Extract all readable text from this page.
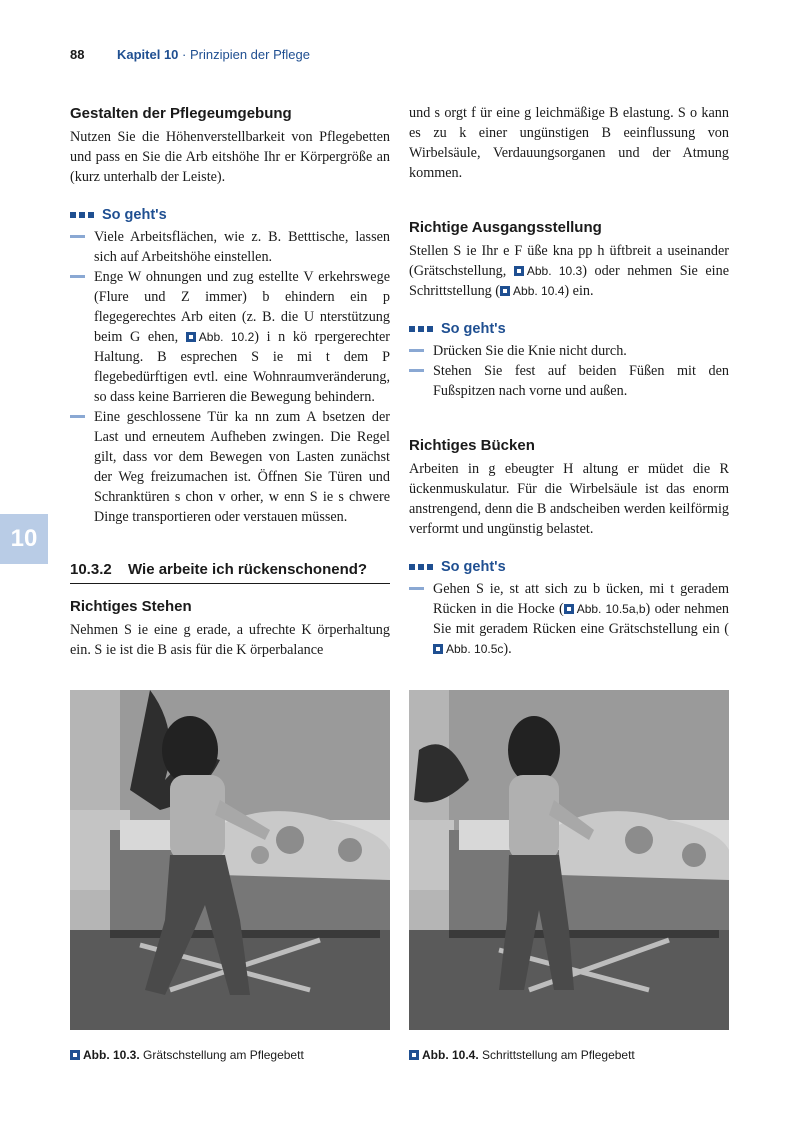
88	Kapitel 10 · Prinzipien der Pflege
10
Gestalten der Pflegeumgebung

Nutzen Sie die Höhenverstellbarkeit von Pflegebetten und pass en Sie die Arb eitshöhe Ihr er Körpergröße an (kurz unterhalb der Leiste).

So geht's
Viele Arbeitsflächen, wie z. B. Betttische, lassen sich auf Arbeitshöhe einstellen.
Enge W ohnungen und zug estellte V erkehrswege (Flure und Z immer) b ehindern ein p flegegerechtes Arb eiten (z. B. die U nterstützung beim G ehen, Abb. 10.2) i n kö rpergerechter Haltung. B esprechen S ie mi t dem P flegebedürftigen evtl. eine Wohnraumveränderung, so dass keine Barrieren die Bewegung behindern.
Eine geschlossene Tür ka nn zum A bsetzen der Last und erneutem Aufheben zwingen. Die Regel gilt, dass vor dem Bewegen von Lasten zunächst der Weg freizumachen ist. Öffnen Sie Türen und Schranktüren s chon v orher, w enn S ie s chwere Dinge transportieren oder verstauen müssen.
10.3.2	Wie arbeite ich rückenschonend?
Richtiges Stehen

Nehmen S ie eine g erade, a ufrechte K örperhaltung ein. S ie ist die B asis für die K örperbalance

und s orgt f ür eine g leichmäßige B elastung. S o kann es zu k einer ungünstigen B eeinflussung von Wirbelsäule, Verdauungsorganen und der Atmung kommen.

Richtige Ausgangsstellung

Stellen S ie Ihr e F üße kna pp h üftbreit a useinander (Grätschstellung, Abb. 10.3) oder nehmen Sie eine Schrittstellung ( Abb. 10.4) ein.

So geht's
Drücken Sie die Knie nicht durch.
Stehen Sie fest auf beiden Füßen mit den Fußspitzen nach vorne und außen.
Richtiges Bücken

Arbeiten in g ebeugter H altung er müdet die R ückenmuskulatur. Für die Wirbelsäule ist das enorm anstrengend, denn die B andscheiben werden keilförmig verformt und ungünstig belastet.

So geht's
Gehen S ie, st att sich zu b ücken, mi t geradem Rücken in die Hocke ( Abb. 10.5a,b) oder nehmen Sie mit geradem Rücken eine Grätschstellung ein (Abb. 10.5c).
Abb. 10.3. Grätschstellung am Pflegebett	Abb. 10.4. Schrittstellung am Pflegebett
